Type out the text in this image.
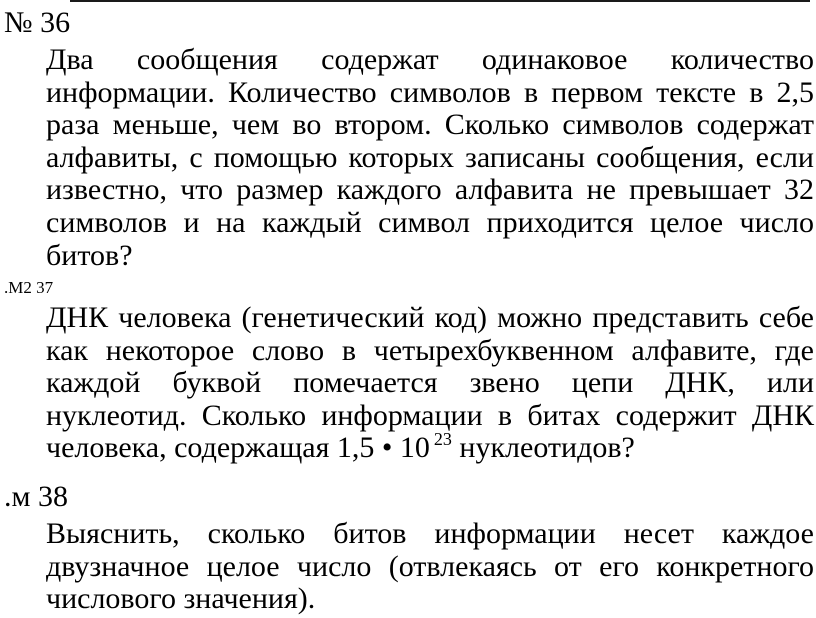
№ 36
Два сообщения содержат одинаковое количество информации. Количество символов в первом тексте в 2,5 раза меньше, чем во втором. Сколько символов содержат алфавиты, с помощью которых записаны сообщения, если известно, что размер каждого алфавита не превышает 32 символов и на каждый символ приходится целое число битов?
.М2 37
ДНК человека (генетический код) можно представить себе как некоторое слово в четырехбуквенном алфавите, где каждой буквой помечается звено цепи ДНК, или нуклеотид. Сколько информации в битах содержит ДНК человека, содержащая 1,5 • 10 $^{23}$ нуклеотидов?
.м 38
Выяснить, сколько битов информации несет каждое двузначное целое число (отвлекаясь от его конкретного числового значения).
